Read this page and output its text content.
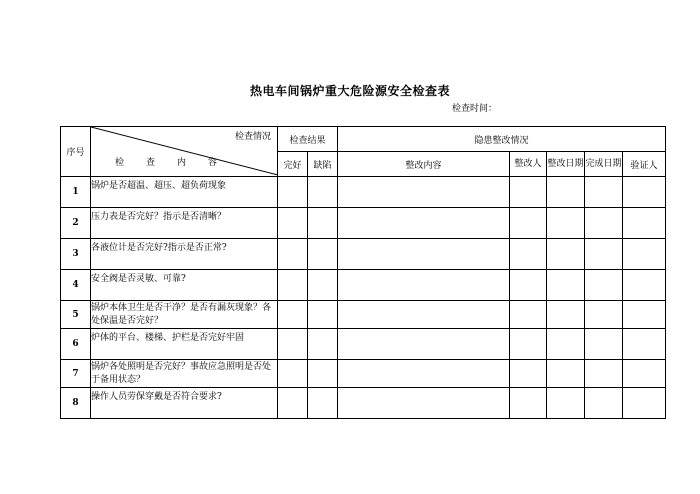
热电车间锅炉重大危险源安全检查表
检查时间：
序号	检查情况
检查内容	检查结果		隐患整改情况				
		完好	缺陷	整改内容	整改人	整改日期	完成日期	验证人
1	锅炉是否超温、超压、超负荷现象							
2	压力表是否完好？指示是否清晰？							
3	各液位计是否完好?指示是否正常?							
4	安全阀是否灵敏、可靠?							
5	锅炉本体卫生是否干净？是否有漏灰现象？各处保温是否完好？							
6	炉体的平台、楼梯、护栏是否完好牢固							
7	锅炉各处照明是否完好？事故应急照明是否处于备用状态？							
8	操作人员劳保穿戴是否符合要求?							
